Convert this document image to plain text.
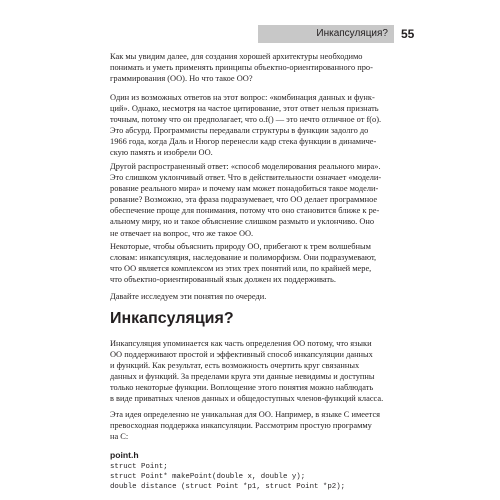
Инкапсуляция?	55

Как мы увидим далее, для создания хорошей архитектуры необходимо
понимать и уметь применять принципы объектно-ориентированного про-
граммирования (ОО). Но что такое ОО?

Один из возможных ответов на этот вопрос: «комбинация данных и функ-
ций». Однако, несмотря на частое цитирование, этот ответ нельзя признать
точным, потому что он предполагает, что o.f() — это нечто отличное от f(o).
Это абсурд. Программисты передавали структуры в функции задолго до
1966 года, когда Даль и Нюгор перенесли кадр стека функции в динамиче-
скую память и изобрели ОО.

Другой распространенный ответ: «способ моделирования реального мира».
Это слишком уклончивый ответ. Что в действительности означает «модели-
рование реального мира» и почему нам может понадобиться такое модели-
рование? Возможно, эта фраза подразумевает, что ОО делает программное
обеспечение проще для понимания, потому что оно становится ближе к ре-
альному миру, но и такое объяснение слишком размыто и уклончиво. Оно
не отвечает на вопрос, что же такое ОО.

Некоторые, чтобы объяснить природу ОО, прибегают к трем волшебным
словам: инкапсуляция, наследование и полиморфизм. Они подразумевают,
что ОО является комплексом из этих трех понятий или, по крайней мере,
что объектно-ориентированный язык должен их поддерживать.

Давайте исследуем эти понятия по очереди.

Инкапсуляция?

Инкапсуляция упоминается как часть определения ОО потому, что языки
ОО поддерживают простой и эффективный способ инкапсуляции данных
и функций. Как результат, есть возможность очертить круг связанных
данных и функций. За пределами круга эти данные невидимы и доступны
только некоторые функции. Воплощение этого понятия можно наблюдать
в виде приватных членов данных и общедоступных членов-функций класса.

Эта идея определенно не уникальная для ОО. Например, в языке C имеется
превосходная поддержка инкапсуляции. Рассмотрим простую программу
на C:

point.h
struct Point;
struct Point* makePoint(double x, double y);
double distance (struct Point *p1, struct Point *p2);
